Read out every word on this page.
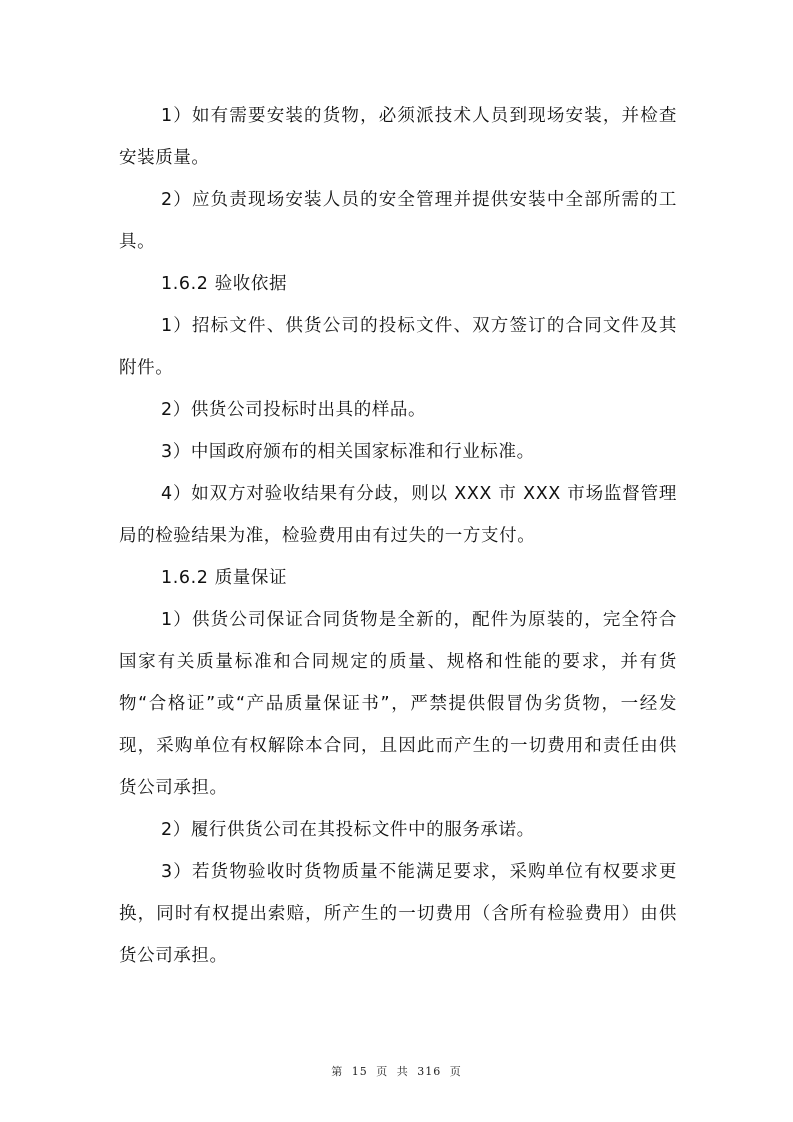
1）如有需要安装的货物，必须派技术人员到现场安装，并检查安装质量。

2）应负责现场安装人员的安全管理并提供安装中全部所需的工具。

1.6.2 验收依据

1）招标文件、供货公司的投标文件、双方签订的合同文件及其附件。

2）供货公司投标时出具的样品。

3）中国政府颁布的相关国家标准和行业标准。

4）如双方对验收结果有分歧，则以 XXX 市 XXX 市场监督管理局的检验结果为准，检验费用由有过失的一方支付。

1.6.2 质量保证

1）供货公司保证合同货物是全新的，配件为原装的，完全符合国家有关质量标准和合同规定的质量、规格和性能的要求，并有货物“合格证”或“产品质量保证书”，严禁提供假冒伪劣货物，一经发现，采购单位有权解除本合同，且因此而产生的一切费用和责任由供货公司承担。

2）履行供货公司在其投标文件中的服务承诺。

3）若货物验收时货物质量不能满足要求，采购单位有权要求更换，同时有权提出索赔，所产生的一切费用（含所有检验费用）由供货公司承担。

第 15 页 共 316 页
